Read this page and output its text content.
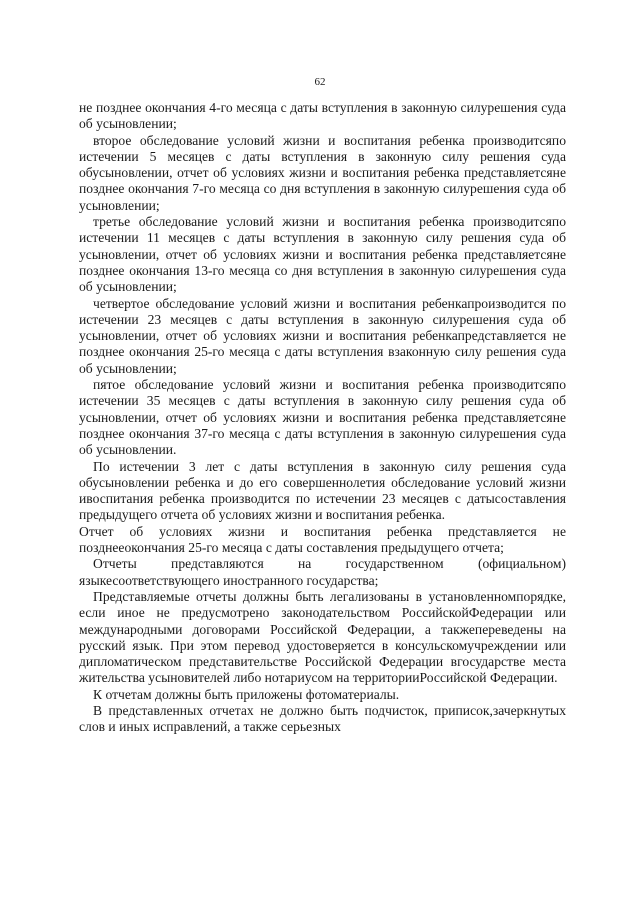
62

не позднее окончания 4-го месяца с даты вступления в законную силурешения суда об усыновлении;

второе обследование условий жизни и воспитания ребенка производитсяпо истечении 5 месяцев с даты вступления в законную силу решения суда обусыновлении, отчет об условиях жизни и воспитания ребенка представляетсяне позднее окончания 7-го месяца со дня вступления в законную силурешения суда об усыновлении;

третье обследование условий жизни и воспитания ребенка производитсяпо истечении 11 месяцев с даты вступления в законную силу решения суда об усыновлении, отчет об условиях жизни и воспитания ребенка представляетсяне позднее окончания 13-го месяца со дня вступления в законную силурешения суда об усыновлении;

четвертое обследование условий жизни и воспитания ребенкапроизводится по истечении 23 месяцев с даты вступления в законную силурешения суда об усыновлении, отчет об условиях жизни и воспитания ребенкапредставляется не позднее окончания 25-го месяца с даты вступления взаконную силу решения суда об усыновлении;

пятое обследование условий жизни и воспитания ребенка производитсяпо истечении 35 месяцев с даты вступления в законную силу решения суда об усыновлении, отчет об условиях жизни и воспитания ребенка представляетсяне позднее окончания 37-го месяца с даты вступления в законную силурешения суда об усыновлении.

По истечении 3 лет с даты вступления в законную силу решения суда обусыновлении ребенка и до его совершеннолетия обследование условий жизни ивоспитания ребенка производится по истечении 23 месяцев с датысоставления предыдущего отчета об условиях жизни и воспитания ребенка.

Отчет об условиях жизни и воспитания ребенка представляется не позднееокончания 25-го месяца с даты составления предыдущего отчета;

Отчеты представляются на государственном (официальном) языкесоответствующего иностранного государства;

Представляемые отчеты должны быть легализованы в установленномпорядке, если иное не предусмотрено законодательством РоссийскойФедерации или международными договорами Российской Федерации, а такжепереведены на русский язык. При этом перевод удостоверяется в консульскомучреждении или дипломатическом представительстве Российской Федерации вгосударстве места жительства усыновителей либо нотариусом на территорииРоссийской Федерации.

К отчетам должны быть приложены фотоматериалы.

В представленных отчетах не должно быть подчисток, приписок,зачеркнутых слов и иных исправлений, а также серьезных
